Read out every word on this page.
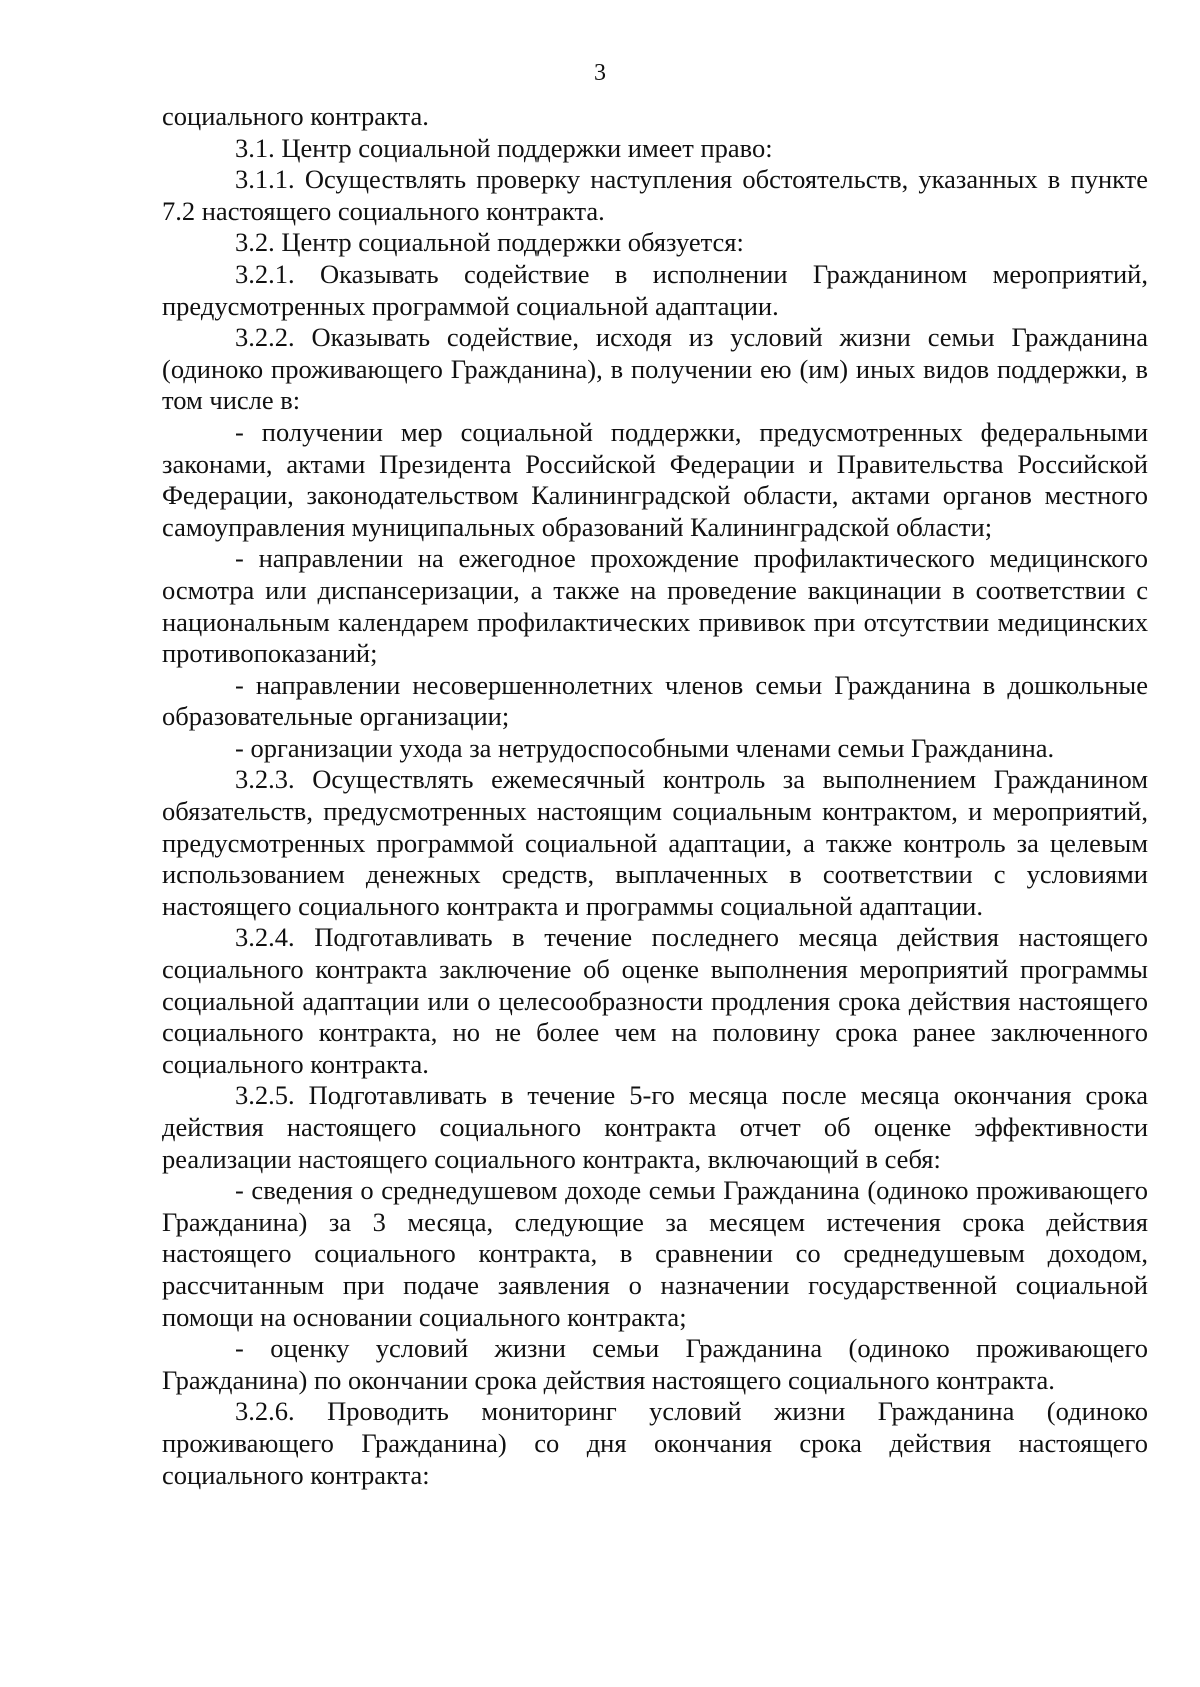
3

социального контракта.

3.1. Центр социальной поддержки имеет право:

3.1.1. Осуществлять проверку наступления обстоятельств, указанных в пункте 7.2 настоящего социального контракта.

3.2. Центр социальной поддержки обязуется:

3.2.1. Оказывать содействие в исполнении Гражданином мероприятий, предусмотренных программой социальной адаптации.

3.2.2. Оказывать содействие, исходя из условий жизни семьи Гражданина (одиноко проживающего Гражданина), в получении ею (им) иных видов поддержки, в том числе в:

- получении мер социальной поддержки, предусмотренных федеральными законами, актами Президента Российской Федерации и Правительства Российской Федерации, законодательством Калининградской области, актами органов местного самоуправления муниципальных образований Калининградской области;

- направлении на ежегодное прохождение профилактического медицинского осмотра или диспансеризации, а также на проведение вакцинации в соответствии с национальным календарем профилактических прививок при отсутствии медицинских противопоказаний;

- направлении несовершеннолетних членов семьи Гражданина в дошкольные образовательные организации;

- организации ухода за нетрудоспособными членами семьи Гражданина.

3.2.3. Осуществлять ежемесячный контроль за выполнением Гражданином обязательств, предусмотренных настоящим социальным контрактом, и мероприятий, предусмотренных программой социальной адаптации, а также контроль за целевым использованием денежных средств, выплаченных в соответствии с условиями настоящего социального контракта и программы социальной адаптации.

3.2.4. Подготавливать в течение последнего месяца действия настоящего социального контракта заключение об оценке выполнения мероприятий программы социальной адаптации или о целесообразности продления срока действия настоящего социального контракта, но не более чем на половину срока ранее заключенного социального контракта.

3.2.5. Подготавливать в течение 5-го месяца после месяца окончания срока действия настоящего социального контракта отчет об оценке эффективности реализации настоящего социального контракта, включающий в себя:

- сведения о среднедушевом доходе семьи Гражданина (одиноко проживающего Гражданина) за 3 месяца, следующие за месяцем истечения срока действия настоящего социального контракта, в сравнении со среднедушевым доходом, рассчитанным при подаче заявления о назначении государственной социальной помощи на основании социального контракта;

- оценку условий жизни семьи Гражданина (одиноко проживающего Гражданина) по окончании срока действия настоящего социального контракта.

3.2.6. Проводить мониторинг условий жизни Гражданина (одиноко проживающего Гражданина) со дня окончания срока действия настоящего социального контракта:
